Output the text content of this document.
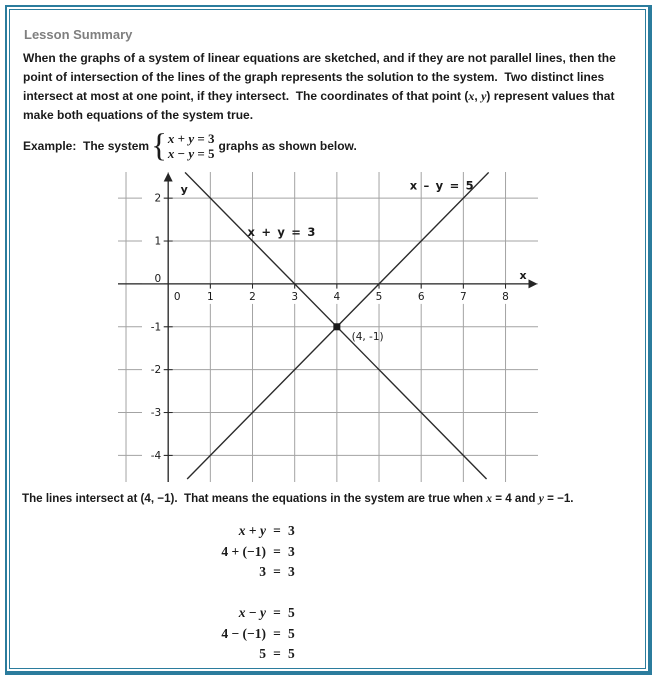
Lesson Summary

When the graphs of a system of linear equations are sketched, and if they are not parallel lines, then the point of intersection of the lines of the graph represents the solution to the system.  Two distinct lines intersect at most at one point, if they intersect.  The coordinates of that point (x, y) represent values that make both equations of the system true.

Example:  The system { x + y = 3
x − y = 5 graphs as shown below.
0	1	2	3	4	5	6	7	8
2
1
0
-1
-2
-3
-4
x
y
x + y = 3
x – y = 5
(4, -1)

The lines intersect at (4, −1).  That means the equations in the system are true when x = 4 and y = −1.

x + y = 3
4 + (−1) = 3
3 = 3
x − y = 5
4 − (−1) = 5
5 = 5
